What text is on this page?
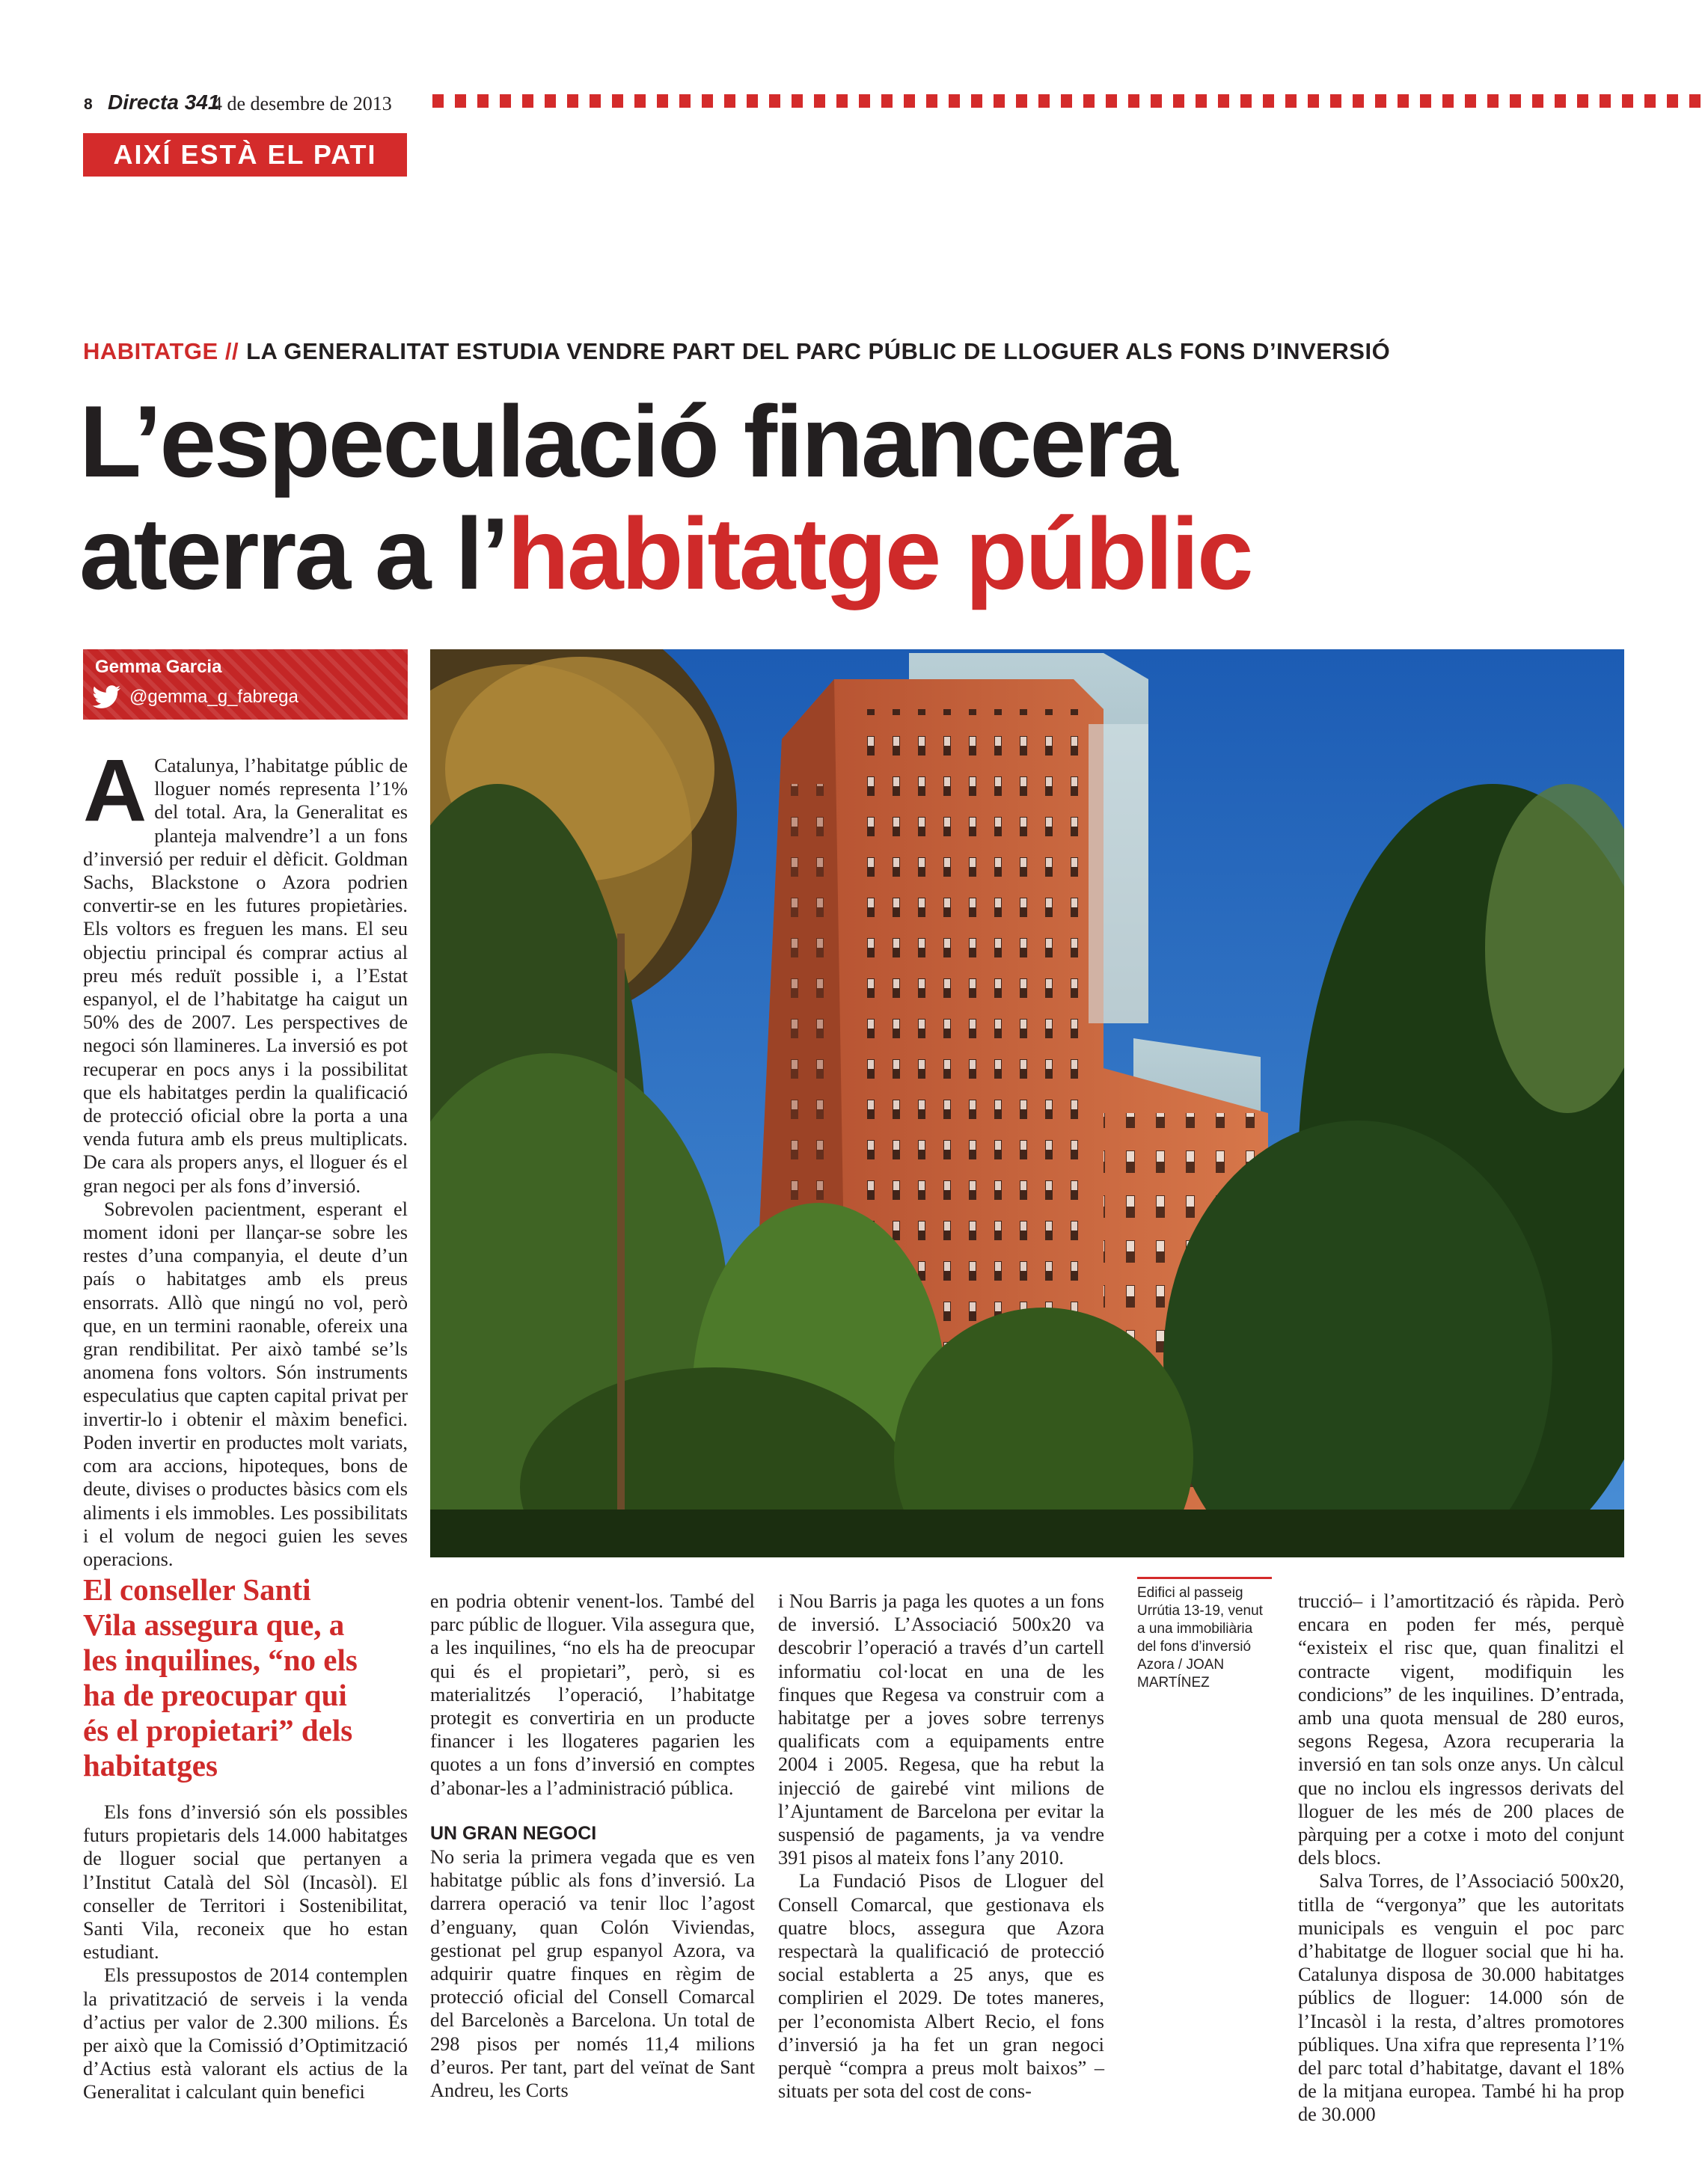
8 Directa 341
4 de desembre de 2013
AIXÍ ESTÀ EL PATI
HABITATGE // LA GENERALITAT ESTUDIA VENDRE PART DEL PARC PÚBLIC DE LLOGUER ALS FONS D’INVERSIÓ
L’especulació financera
aterra a l’habitatge públic
Gemma Garcia
@gemma_g_fabrega
Edifici al passeig Urrútia 13-19, venut a una immobiliària del fons d’inversió Azora / JOAN MARTÍNEZ

A Catalunya, l’habitatge públic de lloguer només representa l’1% del total. Ara, la Generalitat es planteja malvendre’l a un fons d’inversió per reduir el dèficit. Goldman Sachs, Blackstone o Azora podrien convertir-se en les futures propietàries. Els voltors es freguen les mans. El seu objectiu principal és comprar actius al preu més reduït possible i, a l’Estat espanyol, el de l’habitatge ha caigut un 50% des de 2007. Les perspectives de negoci són llamineres. La inversió es pot recuperar en pocs anys i la possibilitat que els habitatges perdin la qualificació de protecció oficial obre la porta a una venda futura amb els preus multiplicats. De cara als propers anys, el lloguer és el gran negoci per als fons d’inversió.

Sobrevolen pacientment, esperant el moment idoni per llançar-se sobre les restes d’una companyia, el deute d’un país o habitatges amb els preus ensorrats. Allò que ningú no vol, però que, en un termini raonable, ofereix una gran rendibilitat. Per això també se’ls anomena fons voltors. Són instruments especulatius que capten capital privat per invertir-lo i obtenir el màxim benefici. Poden invertir en productes molt variats, com ara accions, hipoteques, bons de deute, divises o productes bàsics com els aliments i els immobles. Les possibilitats i el volum de negoci guien les seves operacions.

El conseller Santi Vila assegura que, a les inquilines, “no els ha de preocupar qui és el propietari” dels habitatges

Els fons d’inversió són els possibles futurs propietaris dels 14.000 habitatges de lloguer social que pertanyen a l’Institut Català del Sòl (Incasòl). El conseller de Territori i Sostenibilitat, Santi Vila, reconeix que ho estan estudiant.

Els pressupostos de 2014 contemplen la privatització de serveis i la venda d’actius per valor de 2.300 milions. És per això que la Comissió d’Optimització d’Actius està valorant els actius de la Generalitat i calculant quin benefici

en podria obtenir venent-los. També del parc públic de lloguer. Vila assegura que, a les inquilines, “no els ha de preocupar qui és el propietari”, però, si es materialitzés l’operació, l’habitatge protegit es convertiria en un producte financer i les llogateres pagarien les quotes a un fons d’inversió en comptes d’abonar-les a l’administració pública.

UN GRAN NEGOCI

No seria la primera vegada que es ven habitatge públic als fons d’inversió. La darrera operació va tenir lloc l’agost d’enguany, quan Colón Viviendas, gestionat pel grup espanyol Azora, va adquirir quatre finques en règim de protecció oficial del Consell Comarcal del Barcelonès a Barcelona. Un total de 298 pisos per només 11,4 milions d’euros. Per tant, part del veïnat de Sant Andreu, les Corts

i Nou Barris ja paga les quotes a un fons de inversió. L’Associació 500x20 va descobrir l’operació a través d’un cartell informatiu col·locat en una de les finques que Regesa va construir com a habitatge per a joves sobre terrenys qualificats com a equipaments entre 2004 i 2005. Regesa, que ha rebut la injecció de gairebé vint milions de l’Ajuntament de Barcelona per evitar la suspensió de pagaments, ja va vendre 391 pisos al mateix fons l’any 2010.

La Fundació Pisos de Lloguer del Consell Comarcal, que gestionava els quatre blocs, assegura que Azora respectarà la qualificació de protecció social establerta a 25 anys, que es complirien el 2029. De totes maneres, per l’economista Albert Recio, el fons d’inversió ja ha fet un gran negoci perquè “compra a preus molt baixos” –situats per sota del cost de cons-

trucció– i l’amortització és ràpida. Però encara en poden fer més, perquè “existeix el risc que, quan finalitzi el contracte vigent, modifiquin les condicions” de les inquilines. D’entrada, amb una quota mensual de 280 euros, segons Regesa, Azora recuperaria la inversió en tan sols onze anys. Un càlcul que no inclou els ingressos derivats del lloguer de les més de 200 places de pàrquing per a cotxe i moto del conjunt dels blocs.

Salva Torres, de l’Associació 500x20, titlla de “vergonya” que les autoritats municipals es venguin el poc parc d’habitatge de lloguer social que hi ha. Catalunya disposa de 30.000 habitatges públics de lloguer: 14.000 són de l’Incasòl i la resta, d’altres promotores públiques. Una xifra que representa l’1% del parc total d’habitatge, davant el 18% de la mitjana europea. També hi ha prop de 30.000
